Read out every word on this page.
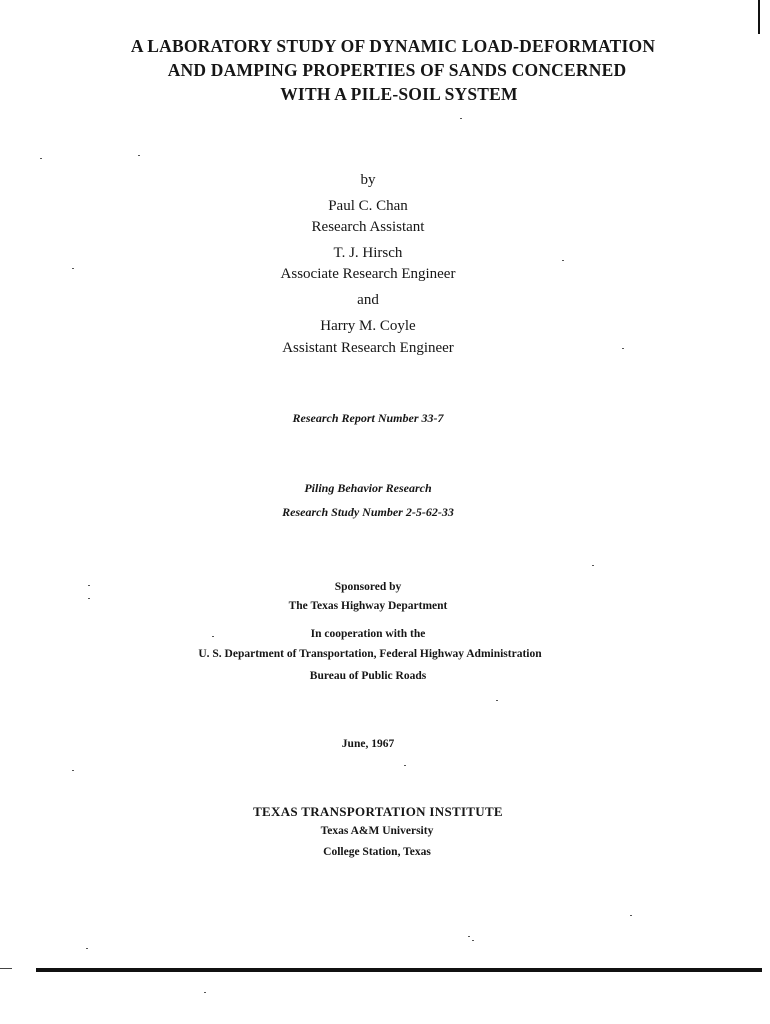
A LABORATORY STUDY OF DYNAMIC LOAD-DEFORMATION
AND DAMPING PROPERTIES OF SANDS CONCERNED
WITH A PILE-SOIL SYSTEM
by
Paul C. Chan
Research Assistant
T. J. Hirsch
Associate Research Engineer
and
Harry M. Coyle
Assistant Research Engineer
Research Report Number 33-7
Piling Behavior Research
Research Study Number 2-5-62-33
Sponsored by
The Texas Highway Department
In cooperation with the
U. S. Department of Transportation, Federal Highway Administration
Bureau of Public Roads
June, 1967
TEXAS TRANSPORTATION INSTITUTE
Texas A&M University
College Station, Texas
